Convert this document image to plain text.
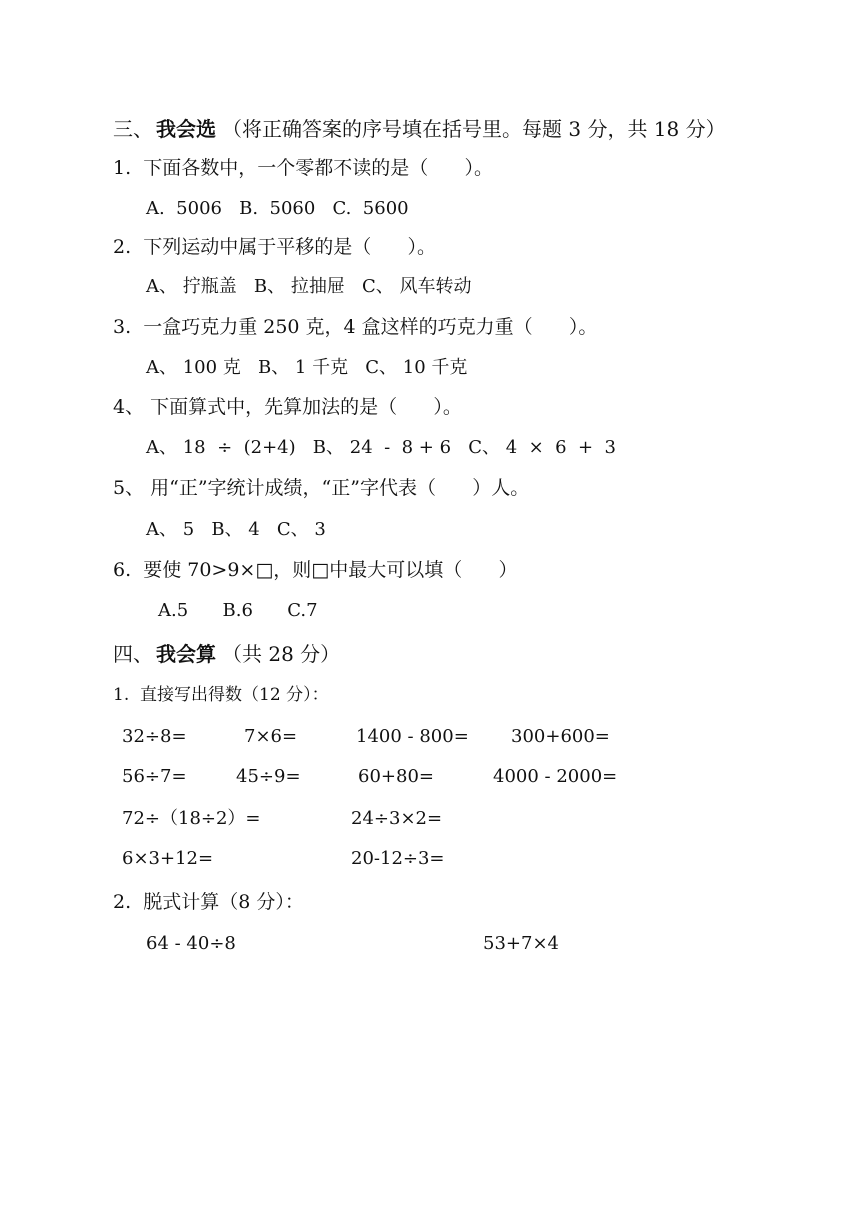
三、 我会选 （将正确答案的序号填在括号里。每题 3 分，共 18 分）
1.  下面各数中，一个零都不读的是（      ）。
A.  5006   B.  5060   C.  5600
2.  下列运动中属于平移的是（      ）。
A、 拧瓶盖   B、 拉抽屉   C、 风车转动
3.  一盒巧克力重 250 克，4 盒这样的巧克力重（      ）。
A、 100 克   B、 1 千克   C、 10 千克
4、 下面算式中，先算加法的是（      ）。
A、 18  ÷  (2+4)   B、 24  -  8 + 6   C、 4  ×  6  +  3
5、 用“正”字统计成绩，“正”字代表（      ）人。
A、 5   B、 4   C、 3
6.  要使 70>9×□，则□中最大可以填（      ）
A.5      B.6      C.7
四、 我会算 （共 28 分）
1.  直接写出得数（12 分）：
32÷8=	7×6=	1400 - 800= 300+600=
56÷7=	45÷9=	60+80=	4000 - 2000=
72÷（18÷2）=	24÷3×2=
6×3+12=	20-12÷3=
2.  脱式计算（8 分）：
64 - 40÷8	53+7×4
